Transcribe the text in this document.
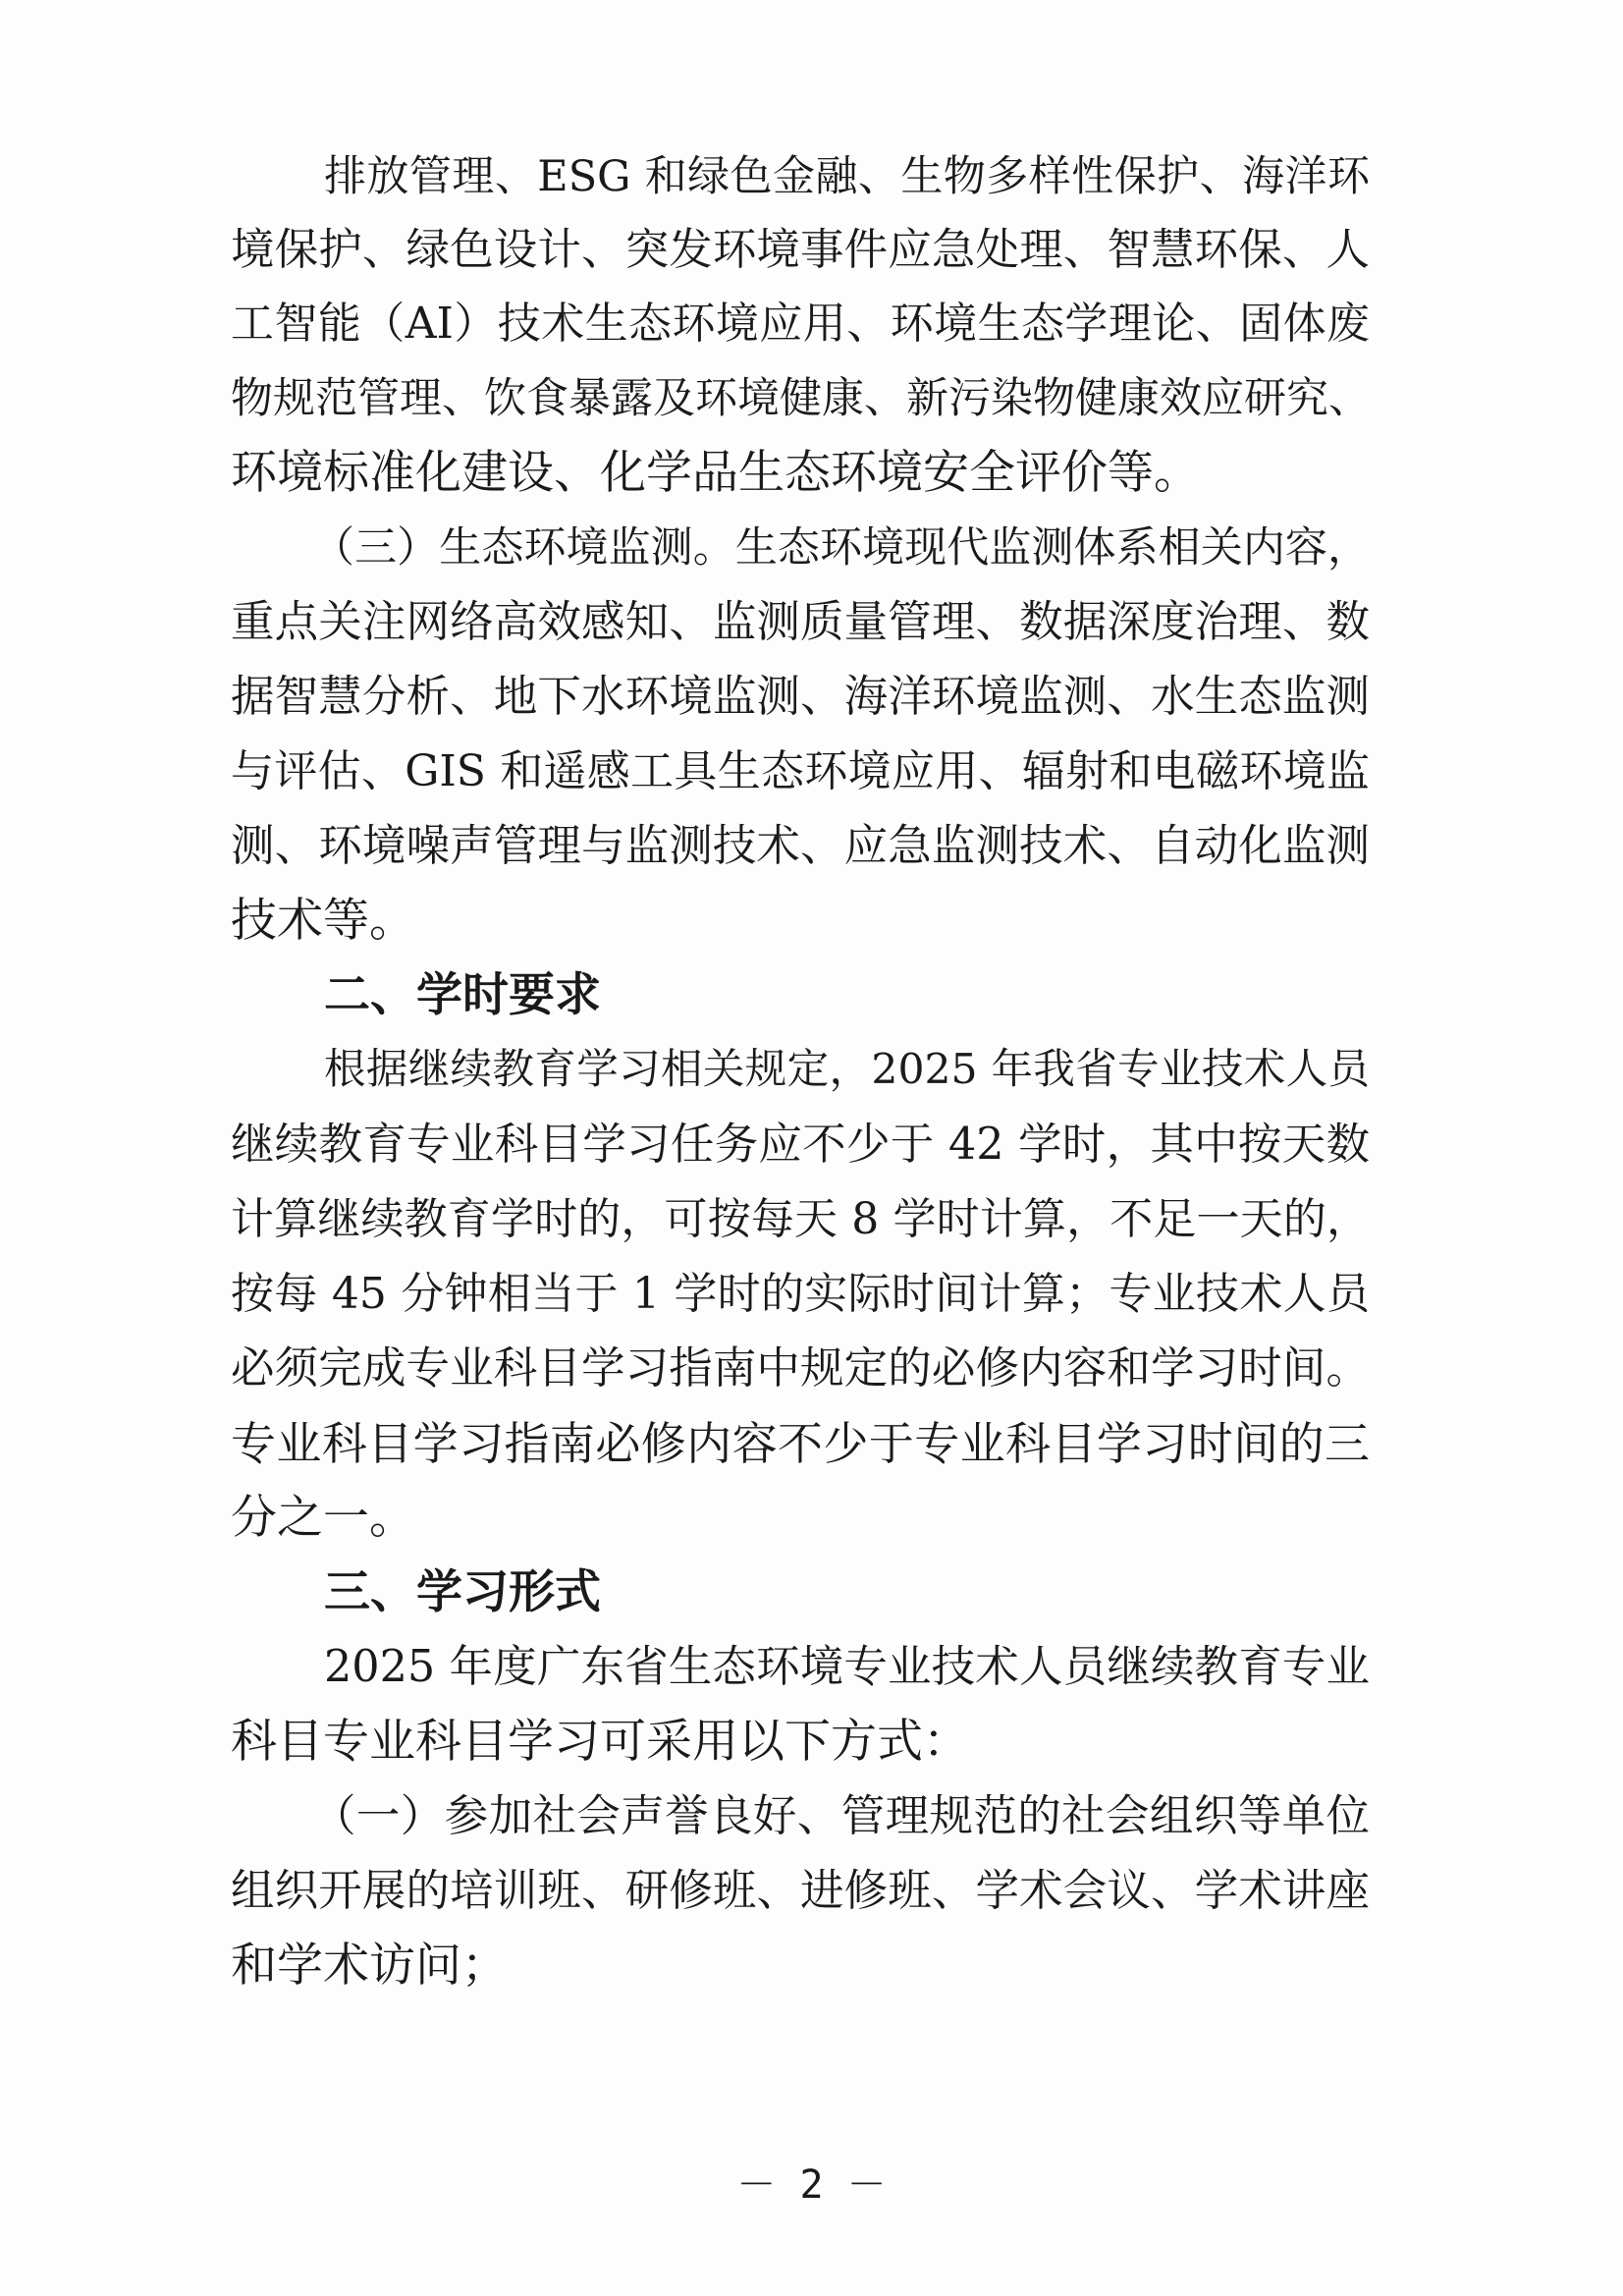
排放管理、ESG 和绿色金融、生物多样性保护、海洋环
境保护、绿色设计、突发环境事件应急处理、智慧环保、人
工智能（AI）技术生态环境应用、环境生态学理论、固体废
物规范管理、饮食暴露及环境健康、新污染物健康效应研究、
环境标准化建设、化学品生态环境安全评价等。
（三）生态环境监测。生态环境现代监测体系相关内容，
重点关注网络高效感知、监测质量管理、数据深度治理、数
据智慧分析、地下水环境监测、海洋环境监测、水生态监测
与评估、GIS 和遥感工具生态环境应用、辐射和电磁环境监
测、环境噪声管理与监测技术、应急监测技术、自动化监测
技术等。
二、学时要求
根据继续教育学习相关规定，2025 年我省专业技术人员
继续教育专业科目学习任务应不少于 42 学时，其中按天数
计算继续教育学时的，可按每天 8 学时计算，不足一天的，
按每 45 分钟相当于 1 学时的实际时间计算；专业技术人员
必须完成专业科目学习指南中规定的必修内容和学习时间。
专业科目学习指南必修内容不少于专业科目学习时间的三
分之一。
三、学习形式
2025 年度广东省生态环境专业技术人员继续教育专业
科目专业科目学习可采用以下方式：
（一）参加社会声誉良好、管理规范的社会组织等单位
组织开展的培训班、研修班、进修班、学术会议、学术讲座
和学术访问；
－ 2 －
